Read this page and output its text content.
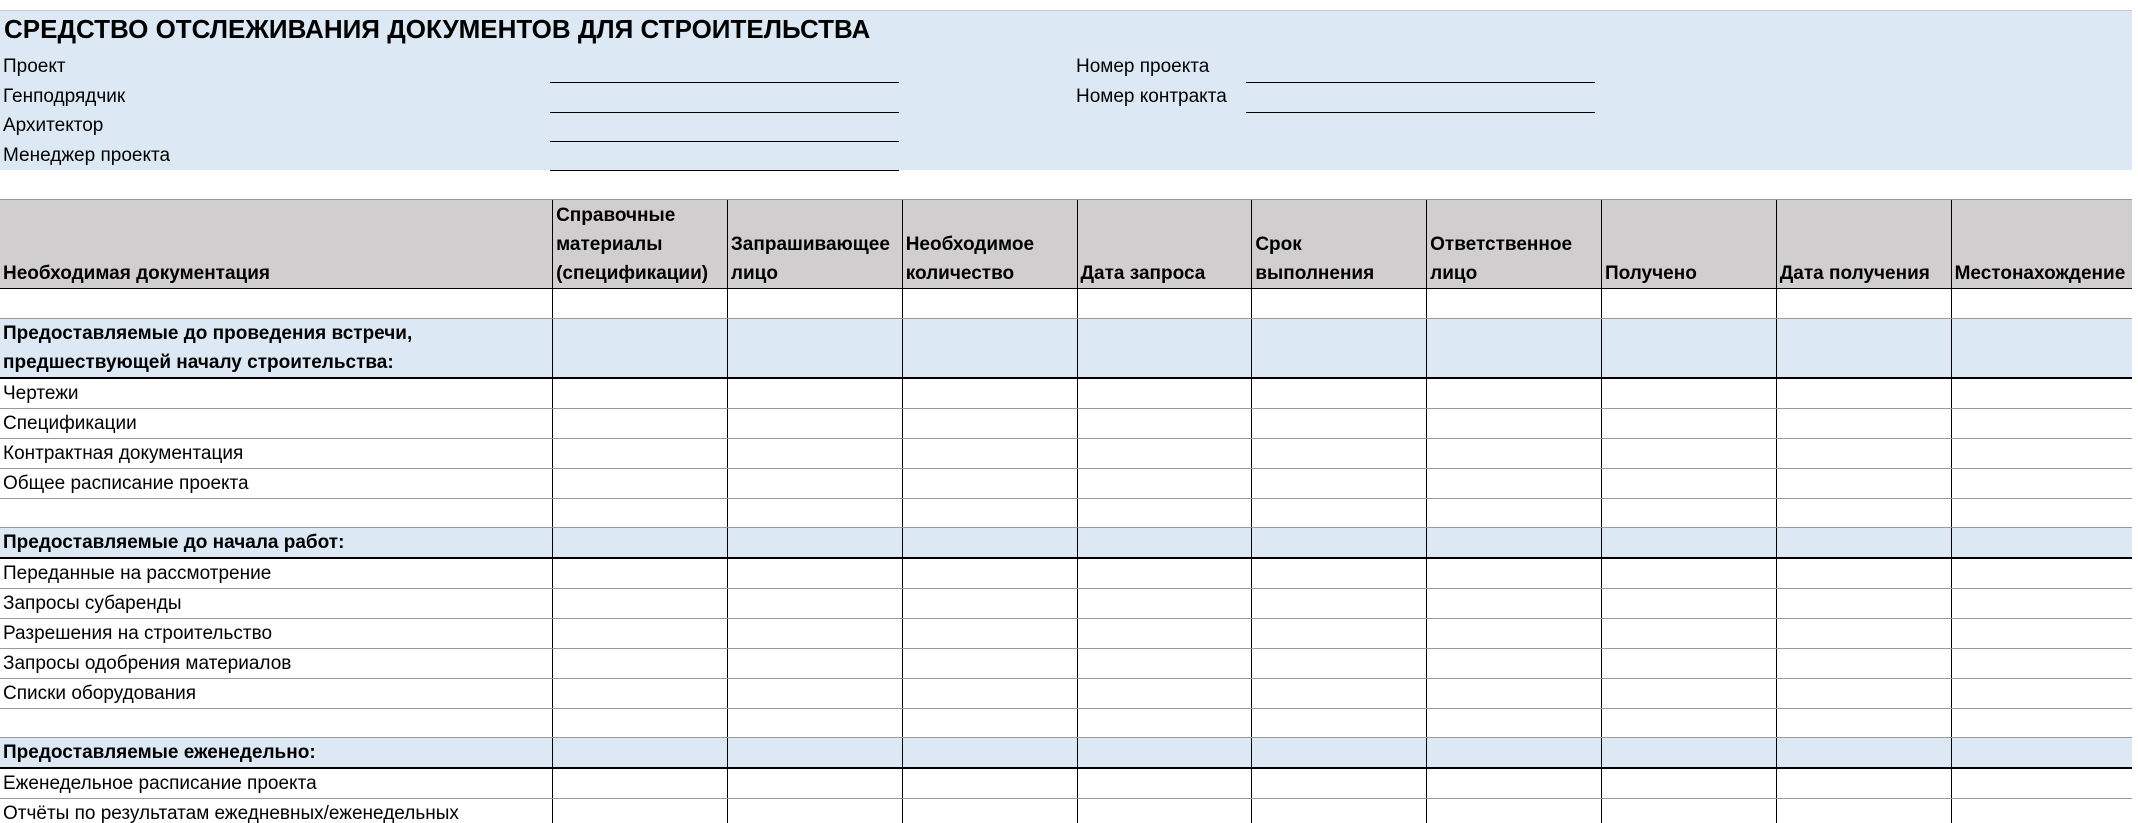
СРЕДСТВО ОТСЛЕЖИВАНИЯ ДОКУМЕНТОВ ДЛЯ СТРОИТЕЛЬСТВА
Проект
Генподрядчик
Архитектор
Менеджер проекта
Номер проекта
Номер контракта
Необходимая документация	Справочные материалы (спецификации)	Запрашивающее лицо	Необходимое количество	Дата запроса	Срок выполнения	Ответственное лицо	Получено	Дата получения	Местонахождение

Предоставляемые до проведения встречи, предшествующей началу строительства:									
Чертежи									
Спецификации									
Контрактная документация									
Общее расписание проекта									

Предоставляемые до начала работ:									
Переданные на рассмотрение									
Запросы субаренды									
Разрешения на строительство									
Запросы одобрения материалов									
Списки оборудования									

Предоставляемые еженедельно:									
Еженедельное расписание проекта									
Отчёты по результатам ежедневных/еженедельных									
